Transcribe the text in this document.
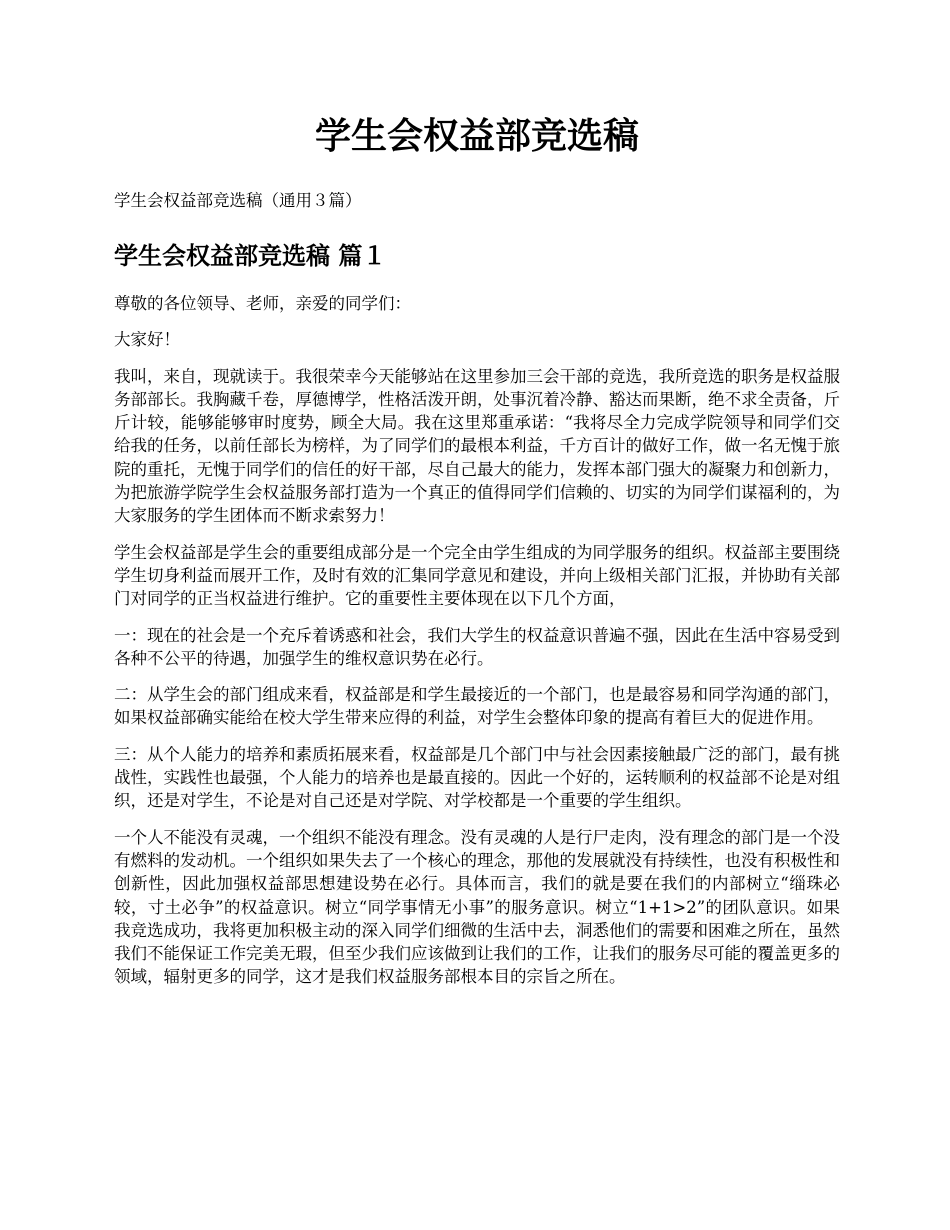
学生会权益部竞选稿

学生会权益部竞选稿（通用３篇）

学生会权益部竞选稿 篇１

尊敬的各位领导、老师，亲爱的同学们：

大家好！

我叫，来自，现就读于。我很荣幸今天能够站在这里参加三会干部的竞选，我所竞选的职务是权益服务部部长。我胸藏千卷，厚德博学，性格活泼开朗，处事沉着冷静、豁达而果断，绝不求全责备，斤斤计较，能够能够审时度势，顾全大局。我在这里郑重承诺：“我将尽全力完成学院领导和同学们交给我的任务，以前任部长为榜样，为了同学们的最根本利益，千方百计的做好工作，做一名无愧于旅院的重托，无愧于同学们的信任的好干部，尽自己最大的能力，发挥本部门强大的凝聚力和创新力，为把旅游学院学生会权益服务部打造为一个真正的值得同学们信赖的、切实的为同学们谋福利的，为大家服务的学生团体而不断求索努力！

学生会权益部是学生会的重要组成部分是一个完全由学生组成的为同学服务的组织。权益部主要围绕学生切身利益而展开工作，及时有效的汇集同学意见和建设，并向上级相关部门汇报，并协助有关部门对同学的正当权益进行维护。它的重要性主要体现在以下几个方面，

一：现在的社会是一个充斥着诱惑和社会，我们大学生的权益意识普遍不强，因此在生活中容易受到各种不公平的待遇，加强学生的维权意识势在必行。

二：从学生会的部门组成来看，权益部是和学生最接近的一个部门，也是最容易和同学沟通的部门，如果权益部确实能给在校大学生带来应得的利益，对学生会整体印象的提高有着巨大的促进作用。

三：从个人能力的培养和素质拓展来看，权益部是几个部门中与社会因素接触最广泛的部门，最有挑战性，实践性也最强，个人能力的培养也是最直接的。因此一个好的，运转顺利的权益部不论是对组织，还是对学生，不论是对自己还是对学院、对学校都是一个重要的学生组织。

一个人不能没有灵魂，一个组织不能没有理念。没有灵魂的人是行尸走肉，没有理念的部门是一个没有燃料的发动机。一个组织如果失去了一个核心的理念，那他的发展就没有持续性，也没有积极性和创新性，因此加强权益部思想建设势在必行。具体而言，我们的就是要在我们的内部树立“缁珠必较，寸土必争”的权益意识。树立“同学事情无小事”的服务意识。树立“1+1>2”的团队意识。如果我竞选成功，我将更加积极主动的深入同学们细微的生活中去，洞悉他们的需要和困难之所在，虽然我们不能保证工作完美无瑕，但至少我们应该做到让我们的工作，让我们的服务尽可能的覆盖更多的领域，辐射更多的同学，这才是我们权益服务部根本目的宗旨之所在。
